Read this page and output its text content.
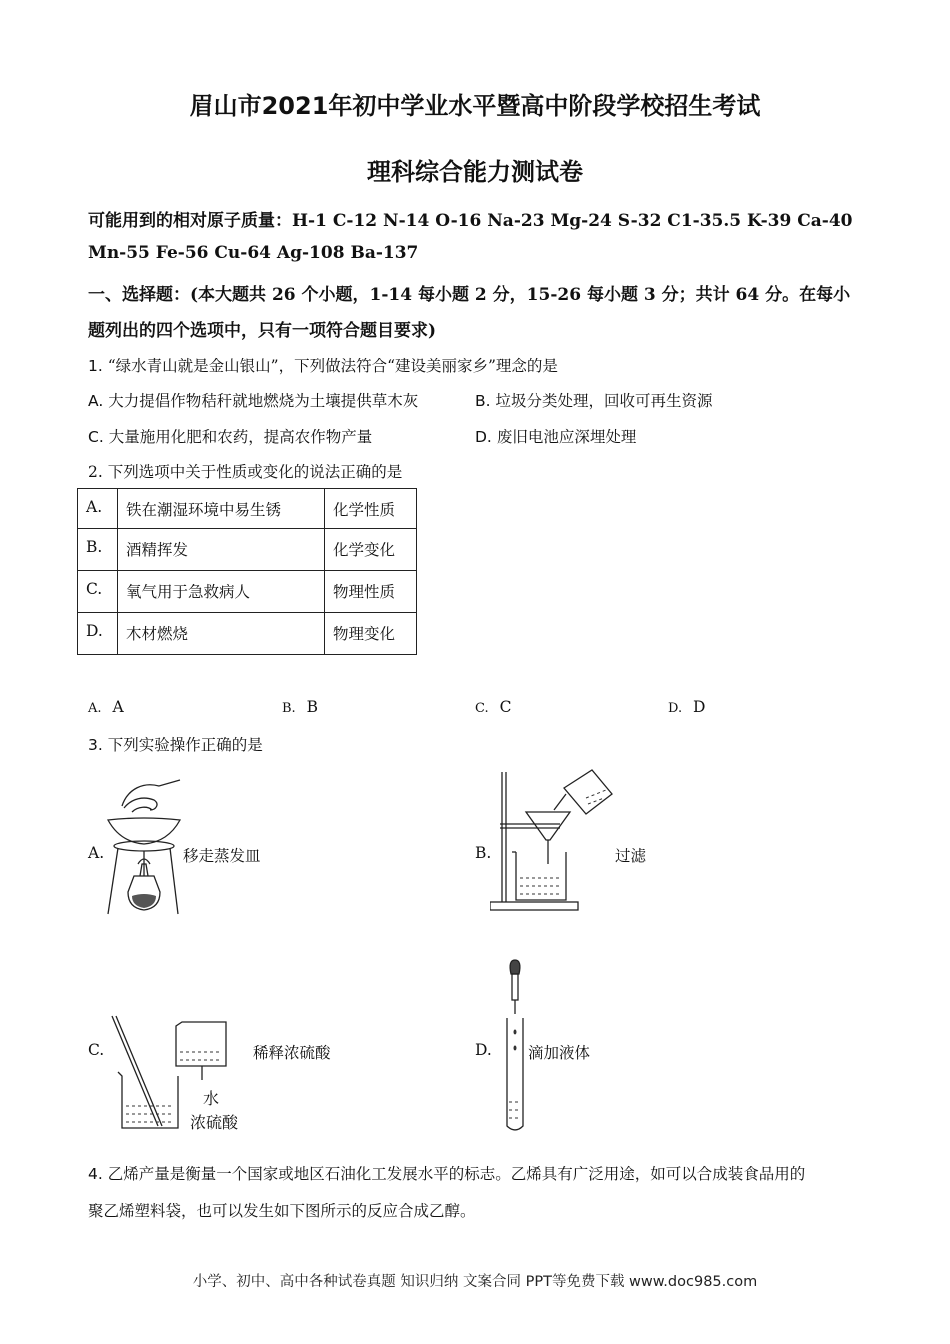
眉山市2021年初中学业水平暨高中阶段学校招生考试
理科综合能力测试卷
可能用到的相对原子质量：H-1 C-12 N-14 O-16 Na-23 Mg-24 S-32 C1-35.5 K-39 Ca-40
Mn-55 Fe-56 Cu-64 Ag-108 Ba-137
一、选择题：(本大题共 26 个小题，1-14 每小题 2 分，15-26 每小题 3 分；共计 64 分。在每小
题列出的四个选项中，只有一项符合题目要求)
1. “绿水青山就是金山银山”，下列做法符合“建设美丽家乡”理念的是
A. 大力提倡作物秸秆就地燃烧为土壤提供草木灰	B. 垃圾分类处理，回收可再生资源
C. 大量施用化肥和农药，提高农作物产量	D. 废旧电池应深埋处理
2. 下列选项中关于性质或变化的说法正确的是
A.	铁在潮湿环境中易生锈	化学性质
B.	酒精挥发	化学变化
C.	氧气用于急救病人	物理性质
D.	木材燃烧	物理变化
A. A	B. B	C. C	D. D
3. 下列实验操作正确的是
A.	移走蒸发皿	B.	过滤
C.
水
浓硫酸
稀释浓硫酸	D. 滴加液体
4. 乙烯产量是衡量一个国家或地区石油化工发展水平的标志。乙烯具有广泛用途，如可以合成装食品用的
聚乙烯塑料袋，也可以发生如下图所示的反应合成乙醇。
小学、初中、高中各种试卷真题 知识归纳 文案合同 PPT等免费下载 www.doc985.com
